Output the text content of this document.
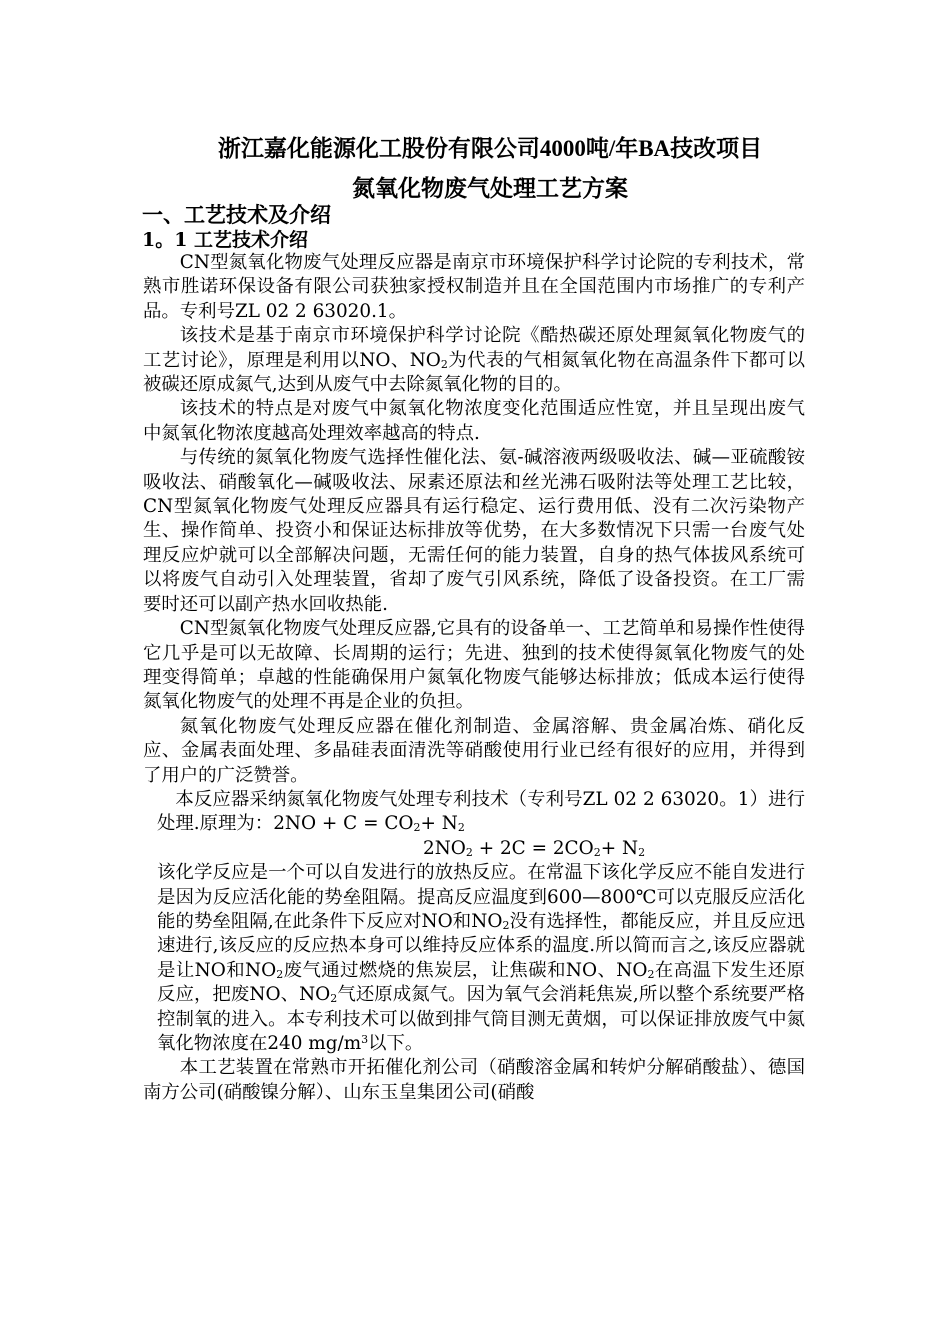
浙江嘉化能源化工股份有限公司4000吨/年BA技改项目
氮氧化物废气处理工艺方案
一、工艺技术及介绍
1。1 工艺技术介绍

CN型氮氧化物废气处理反应器是南京市环境保护科学讨论院的专利技术，常熟市胜诺环保设备有限公司获独家授权制造并且在全国范围内市场推广的专利产品。专利号ZL 02 2 63020.1。

该技术是基于南京市环境保护科学讨论院《酷热碳还原处理氮氧化物废气的工艺讨论》，原理是利用以NO、$NO_2$为代表的气相氮氧化物在高温条件下都可以被碳还原成氮气,达到从废气中去除氮氧化物的目的。

该技术的特点是对废气中氮氧化物浓度变化范围适应性宽，并且呈现出废气中氮氧化物浓度越高处理效率越高的特点.

与传统的氮氧化物废气选择性催化法、氨-碱溶液两级吸收法、碱—亚硫酸铵吸收法、硝酸氧化—碱吸收法、尿素还原法和丝光沸石吸附法等处理工艺比较，CN型氮氧化物废气处理反应器具有运行稳定、运行费用低、没有二次污染物产生、操作简单、投资小和保证达标排放等优势，在大多数情况下只需一台废气处理反应炉就可以全部解决问题，无需任何的能力装置，自身的热气体拔风系统可以将废气自动引入处理装置，省却了废气引风系统，降低了设备投资。在工厂需要时还可以副产热水回收热能.

CN型氮氧化物废气处理反应器,它具有的设备单一、工艺简单和易操作性使得它几乎是可以无故障、长周期的运行；先进、独到的技术使得氮氧化物废气的处理变得简单；卓越的性能确保用户氮氧化物废气能够达标排放；低成本运行使得氮氧化物废气的处理不再是企业的负担。

氮氧化物废气处理反应器在催化剂制造、金属溶解、贵金属冶炼、硝化反应、金属表面处理、多晶硅表面清洗等硝酸使用行业已经有很好的应用，并得到了用户的广泛赞誉。

本反应器采纳氮氧化物废气处理专利技术（专利号ZL 02 2 63020。1）进行处理.原理为：$2NO + C = CO_2+ N_2$

$2NO_2 + 2C = 2CO_2+ N_2$

该化学反应是一个可以自发进行的放热反应。在常温下该化学反应不能自发进行是因为反应活化能的势垒阻隔。提高反应温度到600—800℃可以克服反应活化能的势垒阻隔,在此条件下反应对NO和$NO_2$没有选择性，都能反应，并且反应迅速进行,该反应的反应热本身可以维持反应体系的温度.所以简而言之,该反应器就是让NO和$NO_2$废气通过燃烧的焦炭层，让焦碳和NO、$NO_2$在高温下发生还原反应，把废NO、$NO_2$气还原成氮气。因为氧气会消耗焦炭,所以整个系统要严格控制氧的进入。本专利技术可以做到排气筒目测无黄烟，可以保证排放废气中氮氧化物浓度在240 $mg/m^3$以下。

本工艺装置在常熟市开拓催化剂公司（硝酸溶金属和转炉分解硝酸盐）、德国南方公司(硝酸镍分解）、山东玉皇集团公司(硝酸
